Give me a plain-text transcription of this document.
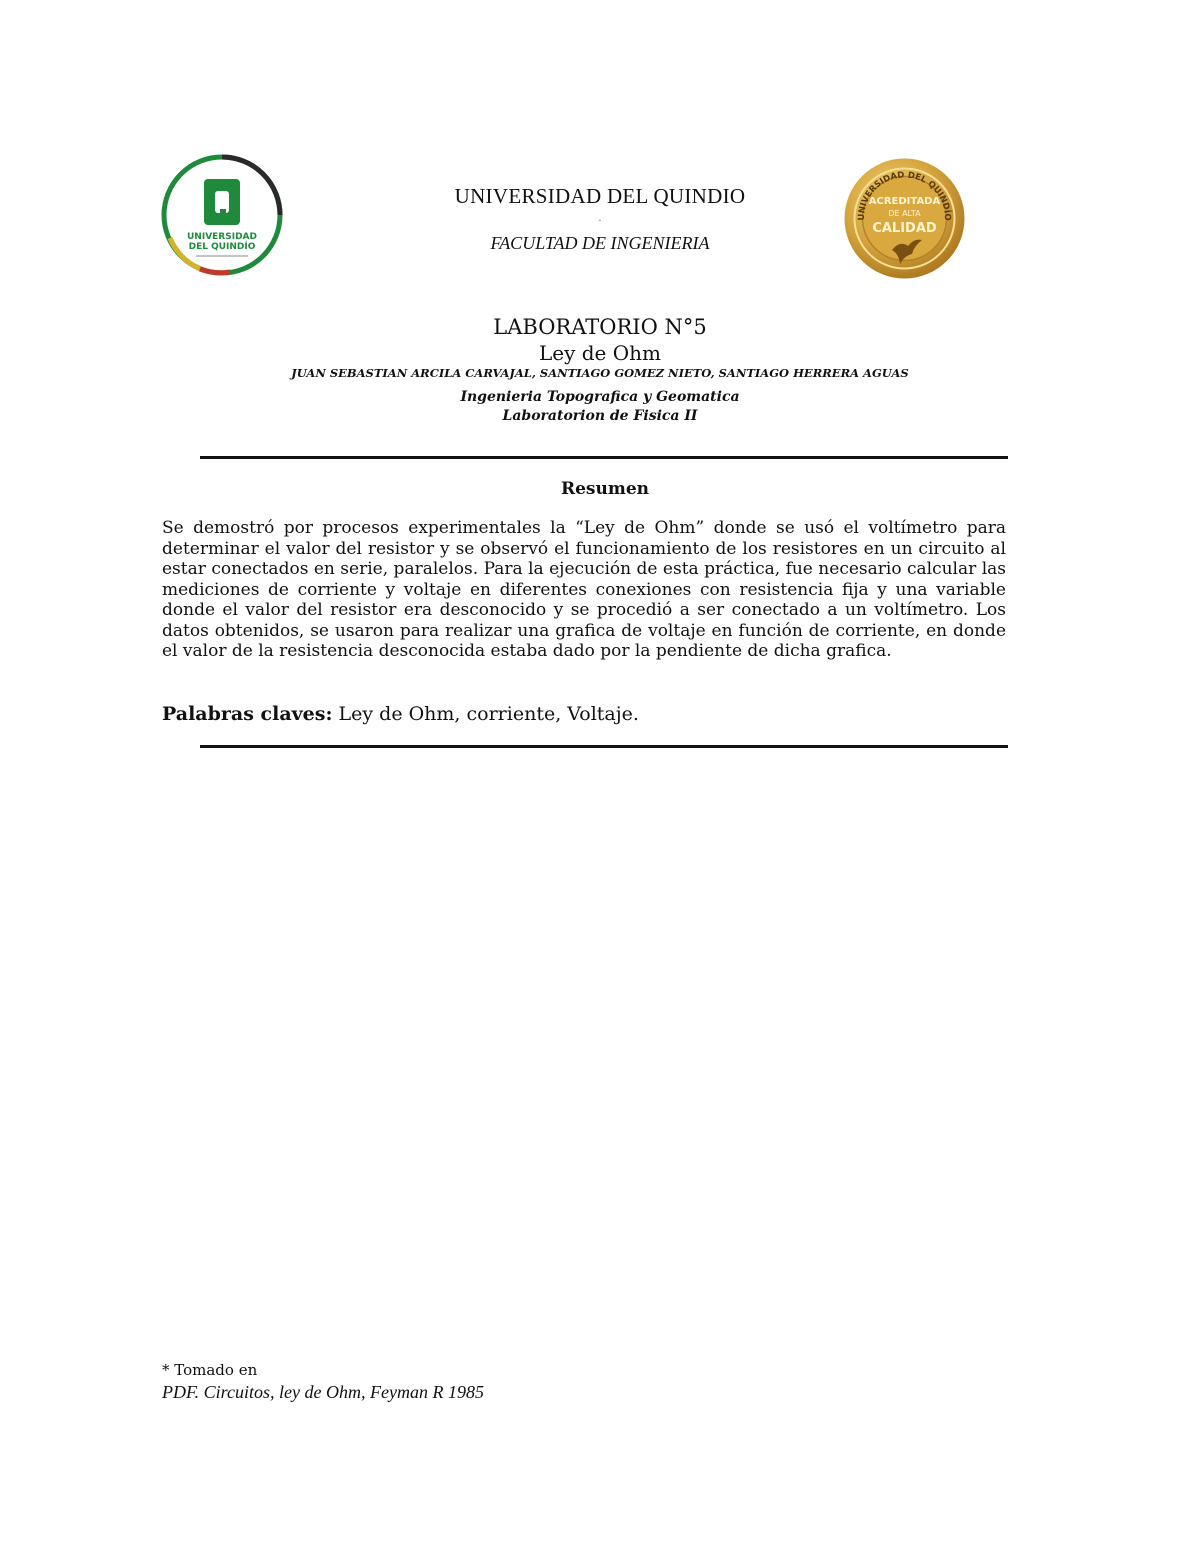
UNIVERSIDAD
DEL QUINDÍO
UNIVERSIDAD DEL QUINDÍO
ACREDITADA
DE ALTA
CALIDAD
UNIVERSIDAD DEL QUINDIO
.
FACULTAD DE INGENIERIA
LABORATORIO N°5
Ley de Ohm
JUAN SEBASTIAN ARCILA CARVAJAL, SANTIAGO GOMEZ NIETO, SANTIAGO HERRERA AGUAS
Ingenieria Topografica y Geomatica
Laboratorion de Fisica II
Resumen
Se demostró por procesos experimentales la “Ley de Ohm” donde se usó el voltímetro para determinar el valor del resistor y se observó el funcionamiento de los resistores en un circuito al estar conectados en serie, paralelos. Para la ejecución de esta práctica, fue necesario calcular las mediciones de corriente y voltaje en diferentes conexiones con resistencia fija y una variable donde el valor del resistor era desconocido y se procedió a ser conectado a un voltímetro. Los datos obtenidos, se usaron para realizar una grafica de voltaje en función de corriente, en donde el valor de la resistencia desconocida estaba dado por la pendiente de dicha grafica.
Palabras claves: Ley de Ohm, corriente, Voltaje.
* Tomado en
PDF. Circuitos, ley de Ohm, Feyman R 1985
